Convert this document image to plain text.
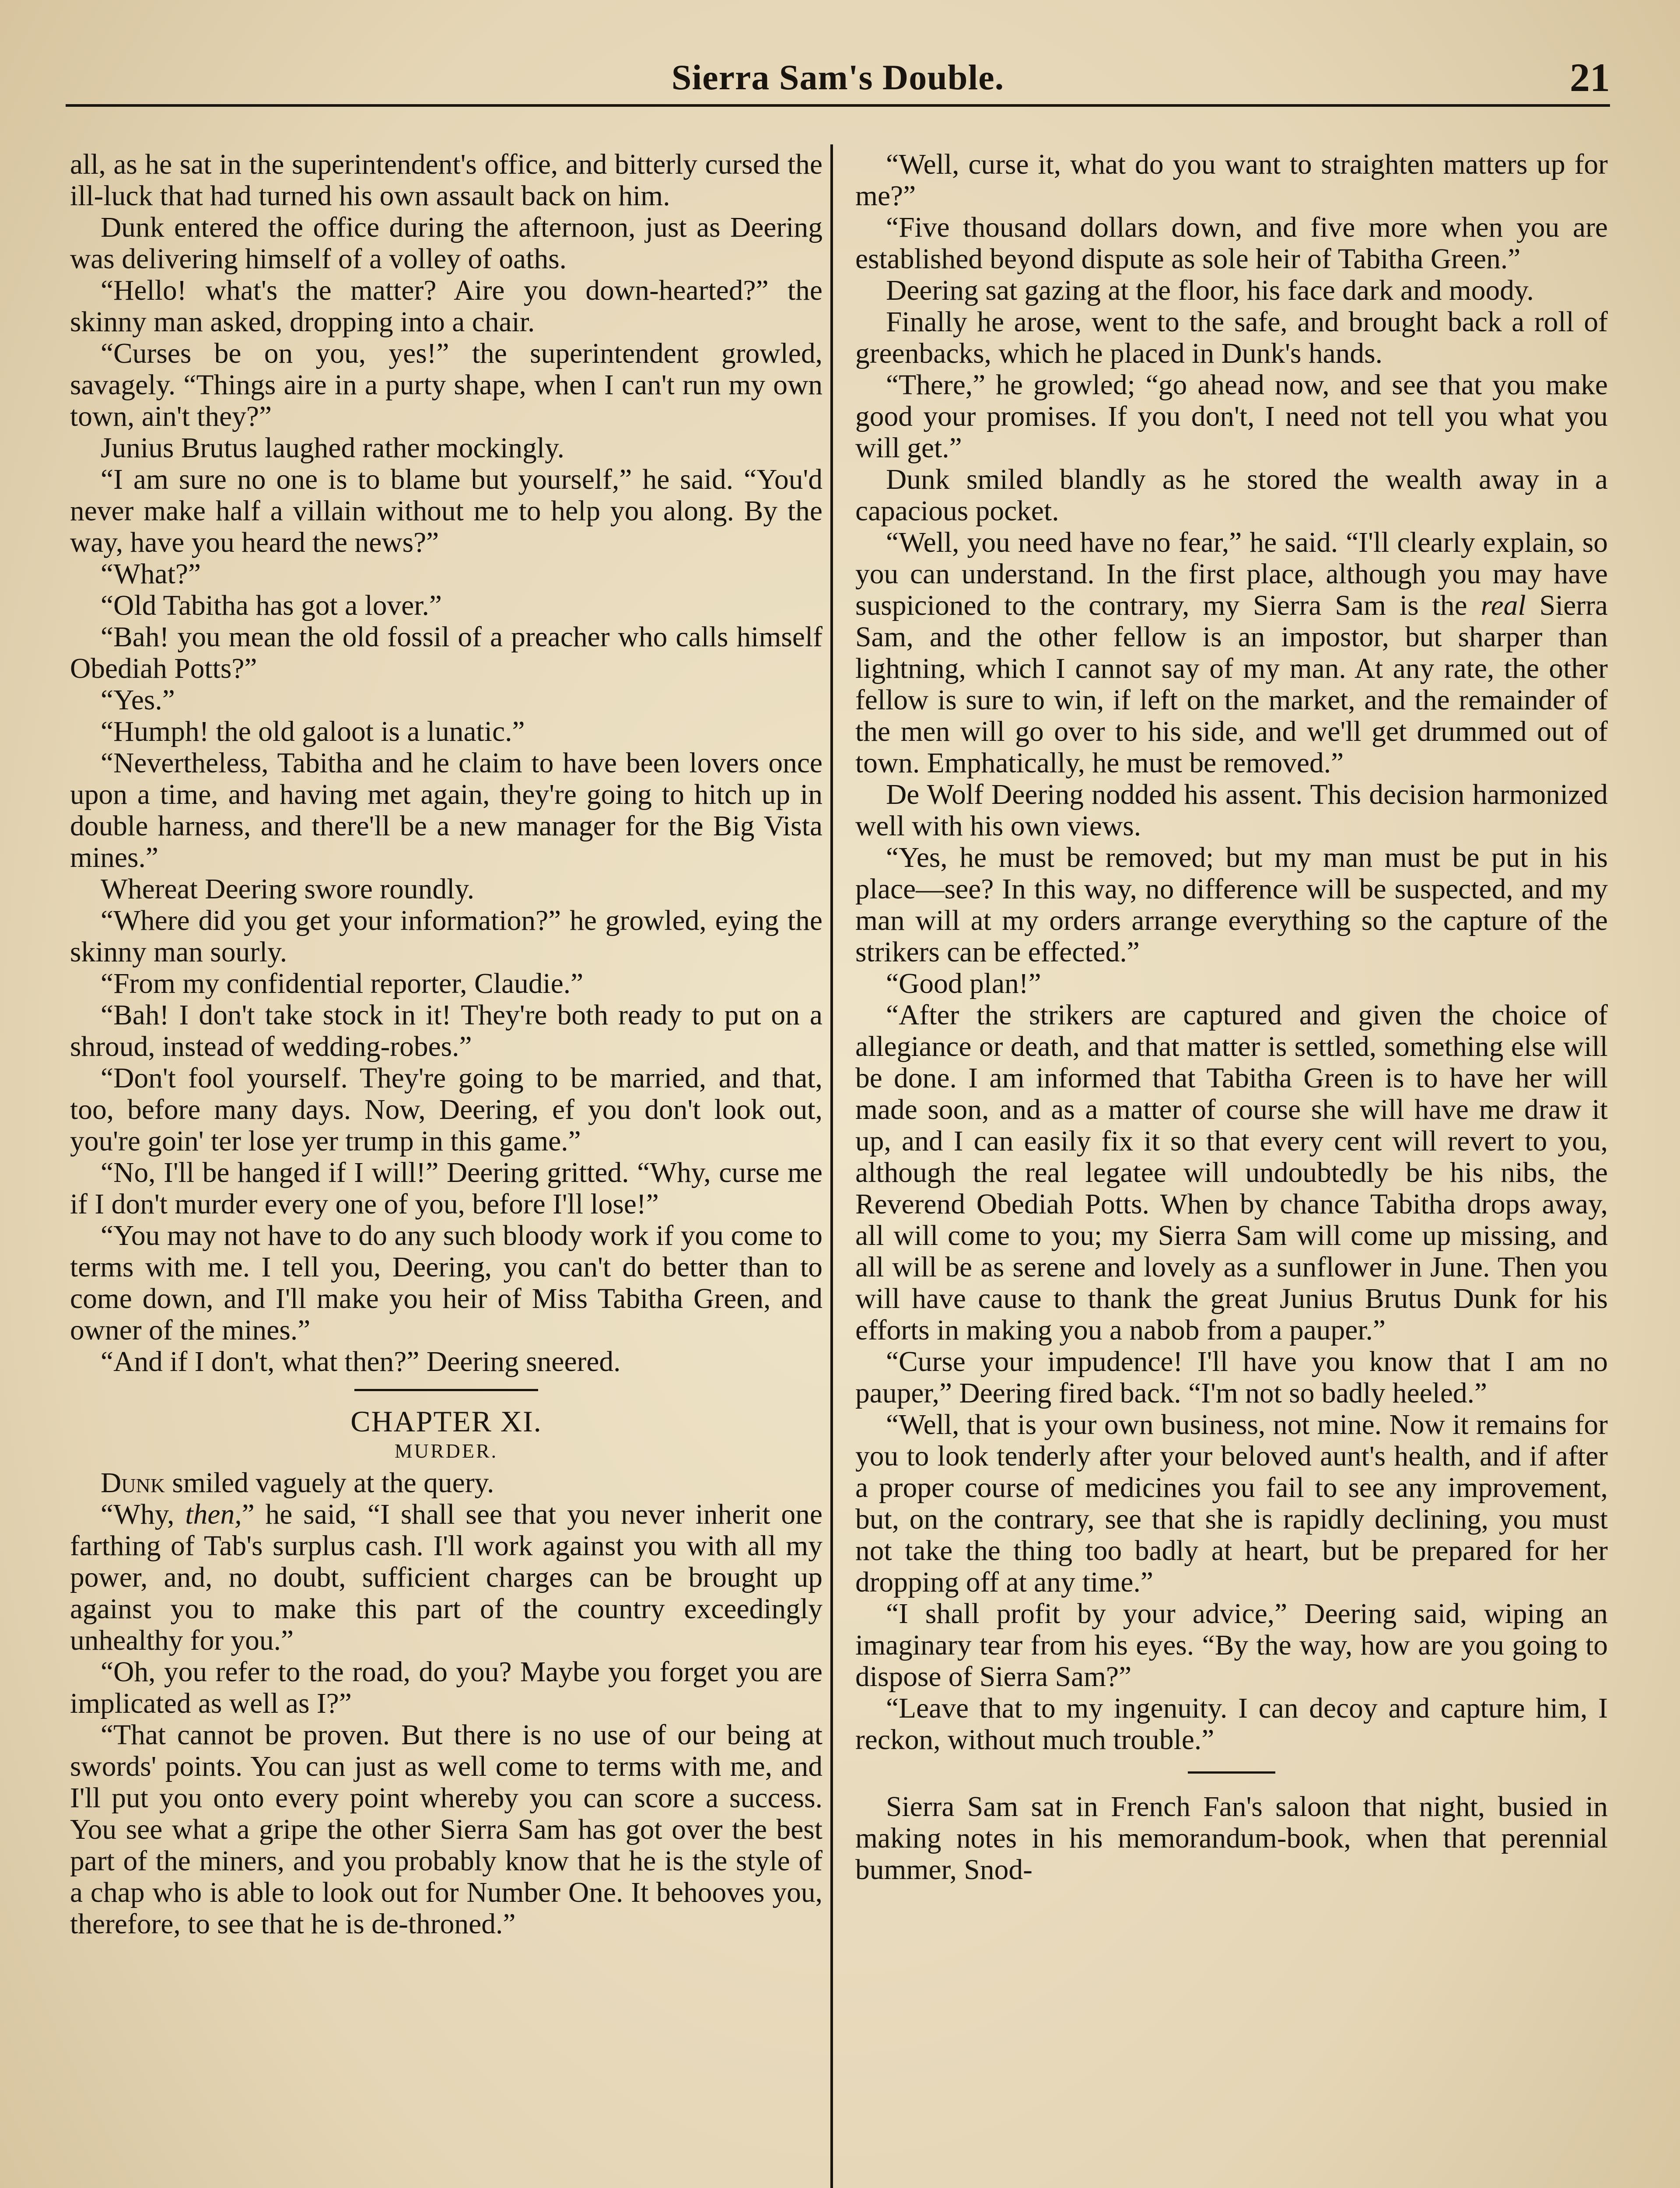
Sierra Sam's Double.	21

all, as he sat in the superintendent's office, and bitterly cursed the ill-luck that had turned his own assault back on him.

Dunk entered the office during the afternoon, just as Deering was delivering himself of a volley of oaths.

“Hello! what's the matter? Aire you down-hearted?” the skinny man asked, dropping into a chair.

“Curses be on you, yes!” the superintendent growled, savagely. “Things aire in a purty shape, when I can't run my own town, ain't they?”

Junius Brutus laughed rather mockingly.

“I am sure no one is to blame but yourself,” he said. “You'd never make half a villain without me to help you along. By the way, have you heard the news?”

“What?”

“Old Tabitha has got a lover.”

“Bah! you mean the old fossil of a preacher who calls himself Obediah Potts?”

“Yes.”

“Humph! the old galoot is a lunatic.”

“Nevertheless, Tabitha and he claim to have been lovers once upon a time, and having met again, they're going to hitch up in double harness, and there'll be a new manager for the Big Vista mines.”

Whereat Deering swore roundly.

“Where did you get your information?” he growled, eying the skinny man sourly.

“From my confidential reporter, Claudie.”

“Bah! I don't take stock in it! They're both ready to put on a shroud, instead of wedding-robes.”

“Don't fool yourself. They're going to be married, and that, too, before many days. Now, Deering, ef you don't look out, you're goin' ter lose yer trump in this game.”

“No, I'll be hanged if I will!” Deering gritted. “Why, curse me if I don't murder every one of you, before I'll lose!”

“You may not have to do any such bloody work if you come to terms with me. I tell you, Deering, you can't do better than to come down, and I'll make you heir of Miss Tabitha Green, and owner of the mines.”

“And if I don't, what then?” Deering sneered.

CHAPTER XI.
MURDER.

Dunk smiled vaguely at the query.

“Why, then,” he said, “I shall see that you never inherit one farthing of Tab's surplus cash. I'll work against you with all my power, and, no doubt, sufficient charges can be brought up against you to make this part of the country exceedingly unhealthy for you.”

“Oh, you refer to the road, do you? Maybe you forget you are implicated as well as I?”

“That cannot be proven. But there is no use of our being at swords' points. You can just as well come to terms with me, and I'll put you onto every point whereby you can score a success. You see what a gripe the other Sierra Sam has got over the best part of the miners, and you probably know that he is the style of a chap who is able to look out for Number One. It behooves you, therefore, to see that he is de-throned.”

“Well, curse it, what do you want to straighten matters up for me?”

“Five thousand dollars down, and five more when you are established beyond dispute as sole heir of Tabitha Green.”

Deering sat gazing at the floor, his face dark and moody.

Finally he arose, went to the safe, and brought back a roll of greenbacks, which he placed in Dunk's hands.

“There,” he growled; “go ahead now, and see that you make good your promises. If you don't, I need not tell you what you will get.”

Dunk smiled blandly as he stored the wealth away in a capacious pocket.

“Well, you need have no fear,” he said. “I'll clearly explain, so you can understand. In the first place, although you may have suspicioned to the contrary, my Sierra Sam is the real Sierra Sam, and the other fellow is an impostor, but sharper than lightning, which I cannot say of my man. At any rate, the other fellow is sure to win, if left on the market, and the remainder of the men will go over to his side, and we'll get drummed out of town. Emphatically, he must be removed.”

De Wolf Deering nodded his assent. This decision harmonized well with his own views.

“Yes, he must be removed; but my man must be put in his place—see? In this way, no difference will be suspected, and my man will at my orders arrange everything so the capture of the strikers can be effected.”

“Good plan!”

“After the strikers are captured and given the choice of allegiance or death, and that matter is settled, something else will be done. I am informed that Tabitha Green is to have her will made soon, and as a matter of course she will have me draw it up, and I can easily fix it so that every cent will revert to you, although the real legatee will undoubtedly be his nibs, the Reverend Obediah Potts. When by chance Tabitha drops away, all will come to you; my Sierra Sam will come up missing, and all will be as serene and lovely as a sunflower in June. Then you will have cause to thank the great Junius Brutus Dunk for his efforts in making you a nabob from a pauper.”

“Curse your impudence! I'll have you know that I am no pauper,” Deering fired back. “I'm not so badly heeled.”

“Well, that is your own business, not mine. Now it remains for you to look tenderly after your beloved aunt's health, and if after a proper course of medicines you fail to see any improvement, but, on the contrary, see that she is rapidly declining, you must not take the thing too badly at heart, but be prepared for her dropping off at any time.”

“I shall profit by your advice,” Deering said, wiping an imaginary tear from his eyes. “By the way, how are you going to dispose of Sierra Sam?”

“Leave that to my ingenuity. I can decoy and capture him, I reckon, without much trouble.”

Sierra Sam sat in French Fan's saloon that night, busied in making notes in his memorandum-book, when that perennial bummer, Snod-
